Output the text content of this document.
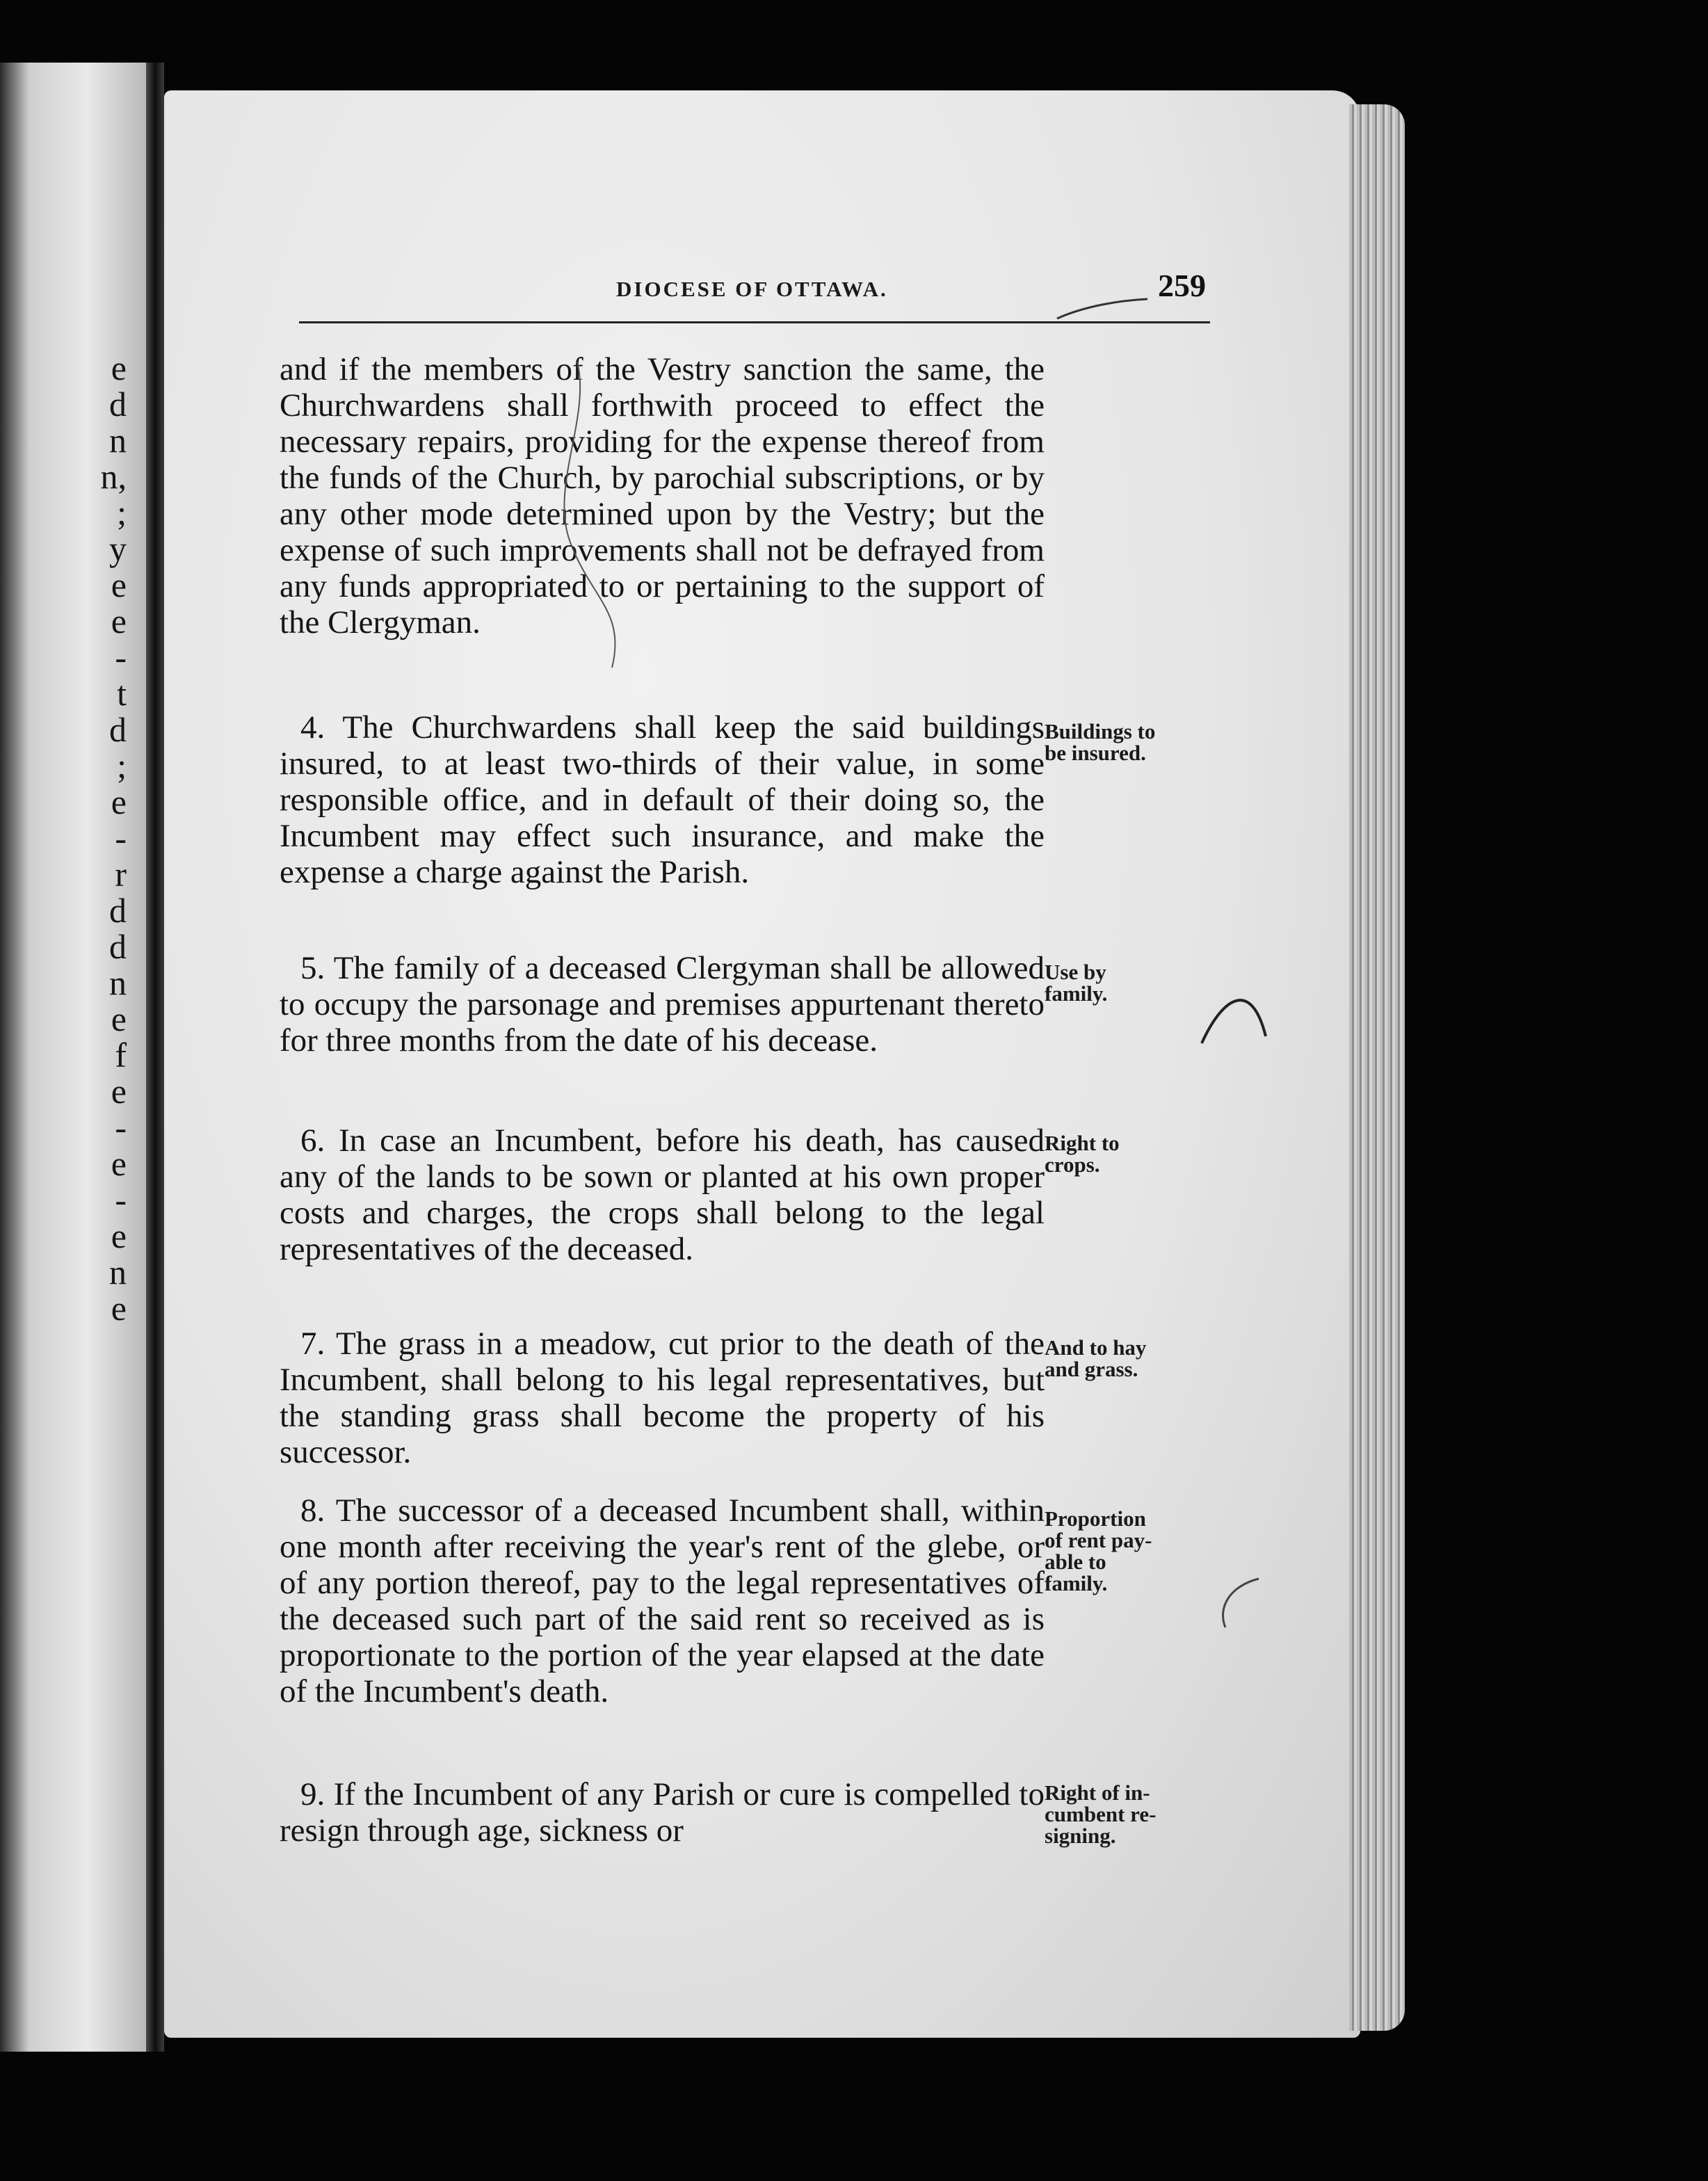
e
d
n
n,
;
y
e
e
-
t
d
;
e
-
r
d
d
n
e
f
e
-
e
-
e
n
e
DIOCESE OF OTTAWA.	259
and if the members of the Vestry sanction the same, the Churchwardens shall forthwith proceed to effect the necessary repairs, providing for the expense thereof from the funds of the Church, by parochial subscriptions, or by any other mode determined upon by the Vestry; but the expense of such improvements shall not be defrayed from any funds appropriated to or pertaining to the support of the Clergyman.
4. The Churchwardens shall keep the said buildings insured, to at least two-thirds of their value, in some responsible office, and in default of their doing so, the Incumbent may effect such insurance, and make the expense a charge against the Parish.
Buildings to
be insured.
5. The family of a deceased Clergyman shall be allowed to occupy the parsonage and premises appurtenant thereto for three months from the date of his decease.
Use by
family.
6. In case an Incumbent, before his death, has caused any of the lands to be sown or planted at his own proper costs and charges, the crops shall belong to the legal representatives of the deceased.
Right to
crops.
7. The grass in a meadow, cut prior to the death of the Incumbent, shall belong to his legal representatives, but the standing grass shall become the property of his successor.
And to hay
and grass.
8. The successor of a deceased Incumbent shall, within one month after receiving the year's rent of the glebe, or of any portion thereof, pay to the legal representatives of the deceased such part of the said rent so received as is proportionate to the portion of the year elapsed at the date of the Incumbent's death.
Proportion
of rent pay-
able to
family.
9. If the Incumbent of any Parish or cure is compelled to resign through age, sickness or
Right of in-
cumbent re-
signing.
